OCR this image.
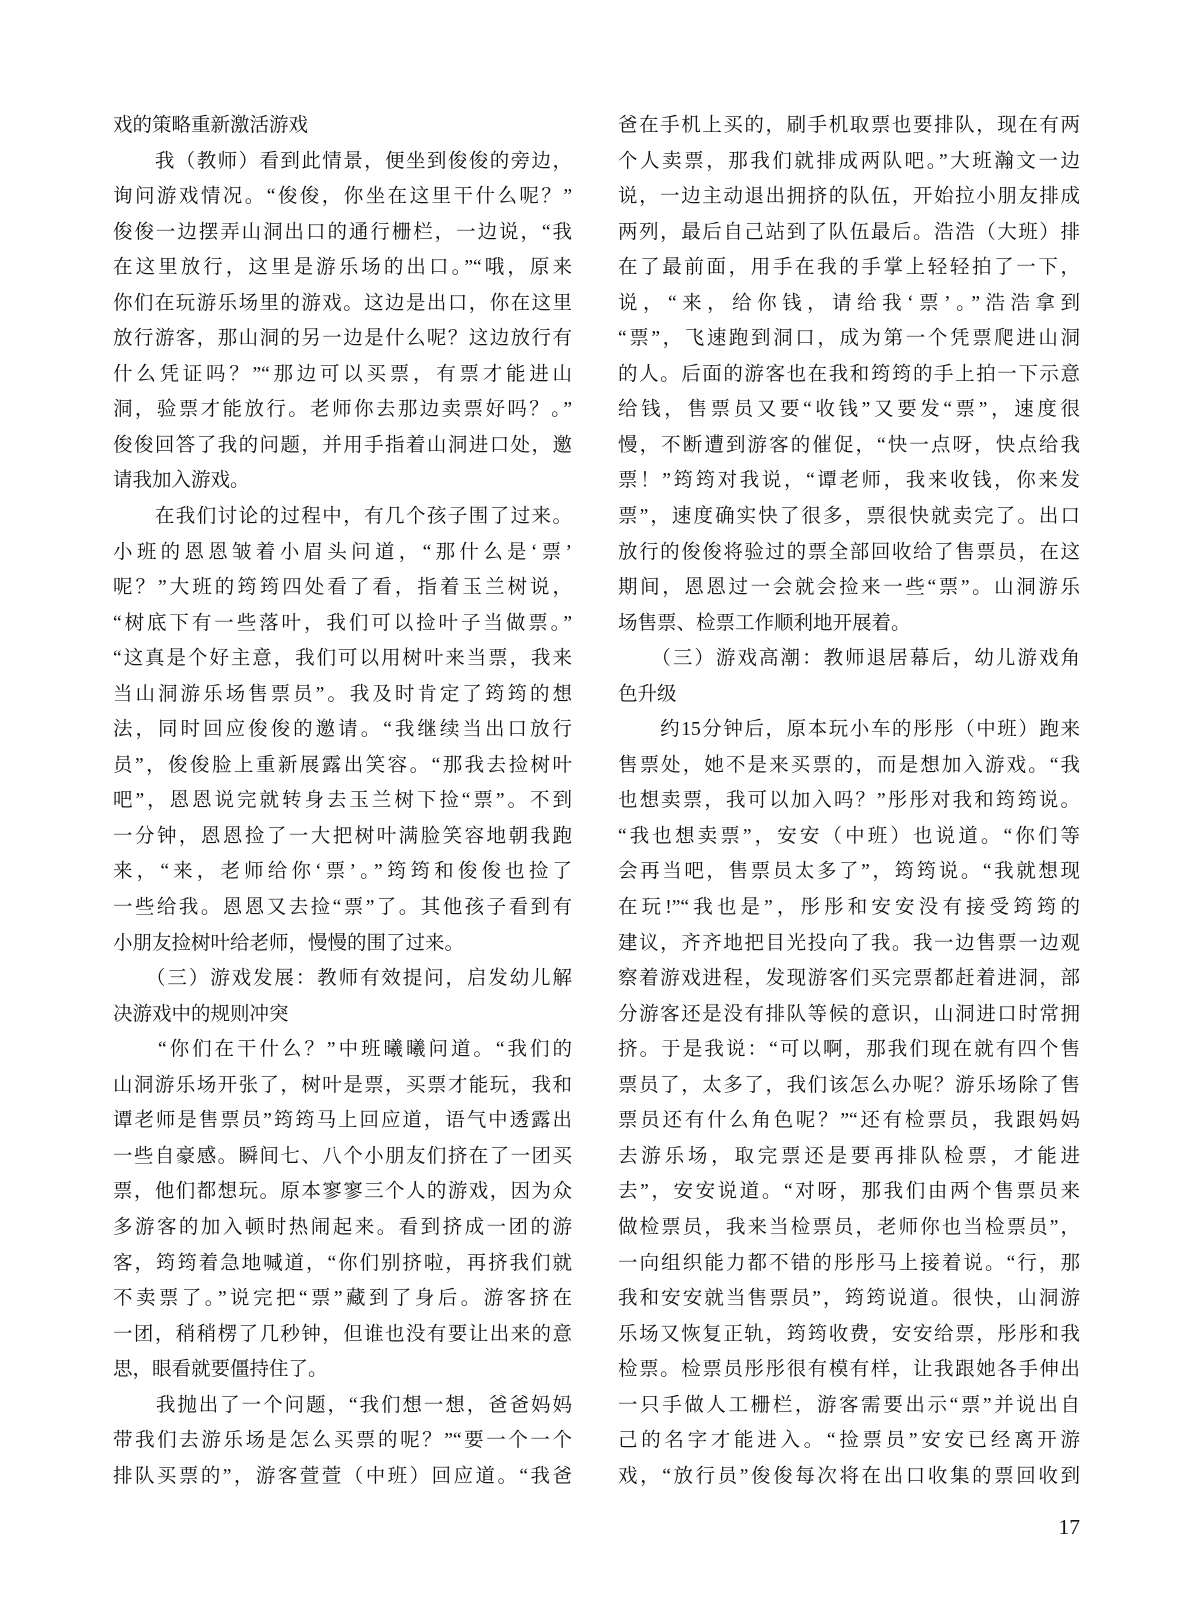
戏的策略重新激活游戏
　　我（教师）看到此情景，便坐到俊俊的旁边，
询问游戏情况。“俊俊，你坐在这里干什么呢？”
俊俊一边摆弄山洞出口的通行栅栏，一边说，“我
在这里放行，这里是游乐场的出口。”“哦，原来
你们在玩游乐场里的游戏。这边是出口，你在这里
放行游客，那山洞的另一边是什么呢？这边放行有
什么凭证吗？”“那边可以买票，有票才能进山
洞，验票才能放行。老师你去那边卖票好吗？。”
俊俊回答了我的问题，并用手指着山洞进口处，邀
请我加入游戏。
　　在我们讨论的过程中，有几个孩子围了过来。
小班的恩恩皱着小眉头问道，“那什么是‘票’
呢？”大班的筠筠四处看了看，指着玉兰树说，
“树底下有一些落叶，我们可以捡叶子当做票。”
“这真是个好主意，我们可以用树叶来当票，我来
当山洞游乐场售票员”。我及时肯定了筠筠的想
法，同时回应俊俊的邀请。“我继续当出口放行
员”，俊俊脸上重新展露出笑容。“那我去捡树叶
吧”，恩恩说完就转身去玉兰树下捡“票”。不到
一分钟，恩恩捡了一大把树叶满脸笑容地朝我跑
来，“来，老师给你‘票’。”筠筠和俊俊也捡了
一些给我。恩恩又去捡“票”了。其他孩子看到有
小朋友捡树叶给老师，慢慢的围了过来。
　　（三）游戏发展：教师有效提问，启发幼儿解
决游戏中的规则冲突
　　“你们在干什么？”中班曦曦问道。“我们的
山洞游乐场开张了，树叶是票，买票才能玩，我和
谭老师是售票员”筠筠马上回应道，语气中透露出
一些自豪感。瞬间七、八个小朋友们挤在了一团买
票，他们都想玩。原本寥寥三个人的游戏，因为众
多游客的加入顿时热闹起来。看到挤成一团的游
客，筠筠着急地喊道，“你们别挤啦，再挤我们就
不卖票了。”说完把“票”藏到了身后。游客挤在
一团，稍稍楞了几秒钟，但谁也没有要让出来的意
思，眼看就要僵持住了。
　　我抛出了一个问题，“我们想一想，爸爸妈妈
带我们去游乐场是怎么买票的呢？”“要一个一个
排队买票的”，游客萱萱（中班）回应道。“我爸
爸在手机上买的，刷手机取票也要排队，现在有两
个人卖票，那我们就排成两队吧。”大班瀚文一边
说，一边主动退出拥挤的队伍，开始拉小朋友排成
两列，最后自己站到了队伍最后。浩浩（大班）排
在了最前面，用手在我的手掌上轻轻拍了一下，
说，“来，给你钱，请给我‘票’。”浩浩拿到
“票”，飞速跑到洞口，成为第一个凭票爬进山洞
的人。后面的游客也在我和筠筠的手上拍一下示意
给钱，售票员又要“收钱”又要发“票”，速度很
慢，不断遭到游客的催促，“快一点呀，快点给我
票！”筠筠对我说，“谭老师，我来收钱，你来发
票”，速度确实快了很多，票很快就卖完了。出口
放行的俊俊将验过的票全部回收给了售票员，在这
期间，恩恩过一会就会捡来一些“票”。山洞游乐
场售票、检票工作顺利地开展着。
　　（三）游戏高潮：教师退居幕后，幼儿游戏角
色升级
　　约15分钟后，原本玩小车的彤彤（中班）跑来
售票处，她不是来买票的，而是想加入游戏。“我
也想卖票，我可以加入吗？”彤彤对我和筠筠说。
“我也想卖票”，安安（中班）也说道。“你们等
会再当吧，售票员太多了”，筠筠说。“我就想现
在玩!”“我也是”，彤彤和安安没有接受筠筠的
建议，齐齐地把目光投向了我。我一边售票一边观
察着游戏进程，发现游客们买完票都赶着进洞，部
分游客还是没有排队等候的意识，山洞进口时常拥
挤。于是我说：“可以啊，那我们现在就有四个售
票员了，太多了，我们该怎么办呢？游乐场除了售
票员还有什么角色呢？”“还有检票员，我跟妈妈
去游乐场，取完票还是要再排队检票，才能进
去”，安安说道。“对呀，那我们由两个售票员来
做检票员，我来当检票员，老师你也当检票员”，
一向组织能力都不错的彤彤马上接着说。“行，那
我和安安就当售票员”，筠筠说道。很快，山洞游
乐场又恢复正轨，筠筠收费，安安给票，彤彤和我
检票。检票员彤彤很有模有样，让我跟她各手伸出
一只手做人工栅栏，游客需要出示“票”并说出自
己的名字才能进入。“捡票员”安安已经离开游
戏，“放行员”俊俊每次将在出口收集的票回收到
17
